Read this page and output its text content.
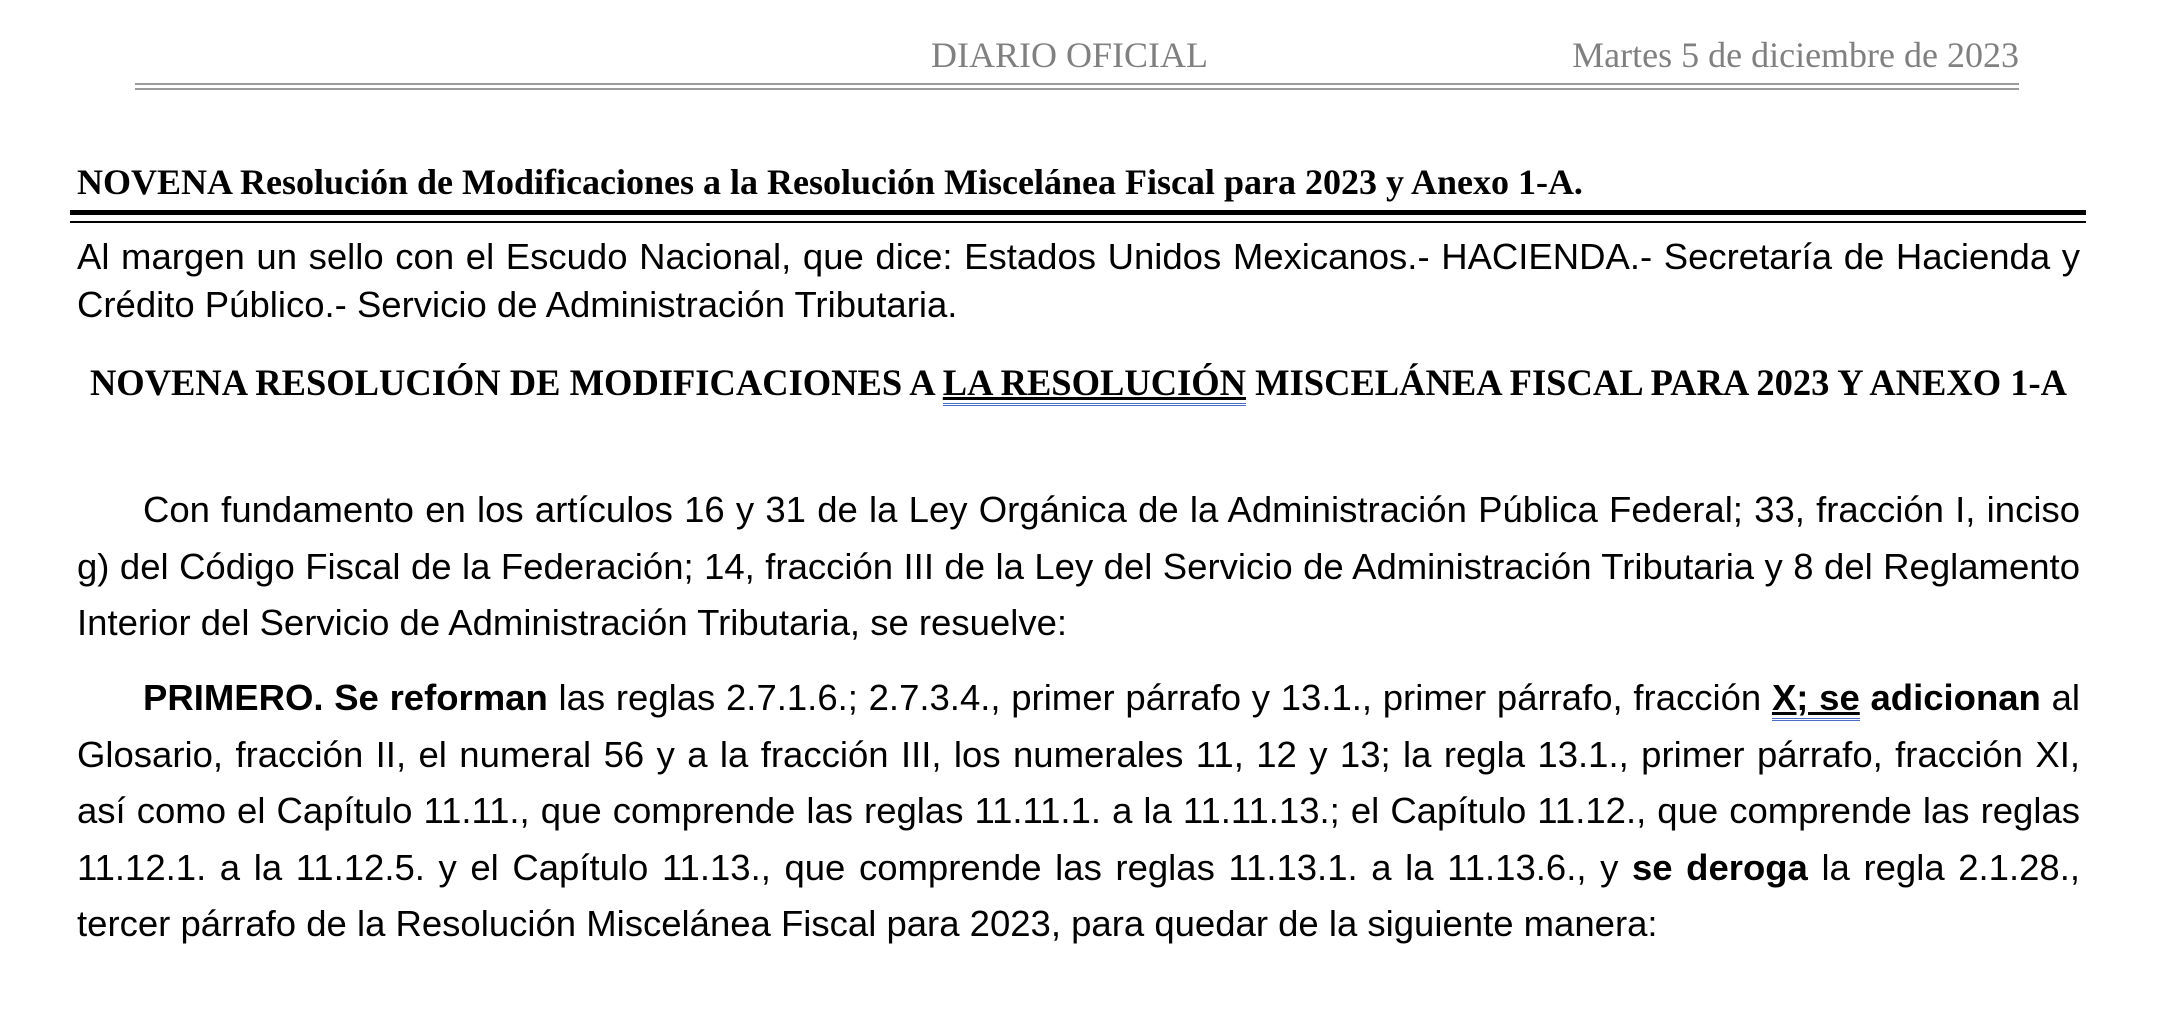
DIARIO OFICIAL	Martes 5 de diciembre de 2023
NOVENA Resolución de Modificaciones a la Resolución Miscelánea Fiscal para 2023 y Anexo 1-A.
Al margen un sello con el Escudo Nacional, que dice: Estados Unidos Mexicanos.- HACIENDA.- Secretaría de Hacienda y Crédito Público.- Servicio de Administración Tributaria.
NOVENA RESOLUCIÓN DE MODIFICACIONES A LA RESOLUCIÓN MISCELÁNEA FISCAL PARA 2023 Y ANEXO 1-A
Con fundamento en los artículos 16 y 31 de la Ley Orgánica de la Administración Pública Federal; 33, fracción I, inciso g) del Código Fiscal de la Federación; 14, fracción III de la Ley del Servicio de Administración Tributaria y 8 del Reglamento Interior del Servicio de Administración Tributaria, se resuelve:
PRIMERO. Se reforman las reglas 2.7.1.6.; 2.7.3.4., primer párrafo y 13.1., primer párrafo, fracción X; se adicionan al Glosario, fracción II, el numeral 56 y a la fracción III, los numerales 11, 12 y 13; la regla 13.1., primer párrafo, fracción XI, así como el Capítulo 11.11., que comprende las reglas 11.11.1. a la 11.11.13.; el Capítulo 11.12., que comprende las reglas 11.12.1. a la 11.12.5. y el Capítulo 11.13., que comprende las reglas 11.13.1. a la 11.13.6., y se deroga la regla 2.1.28., tercer párrafo de la Resolución Miscelánea Fiscal para 2023, para quedar de la siguiente manera:
